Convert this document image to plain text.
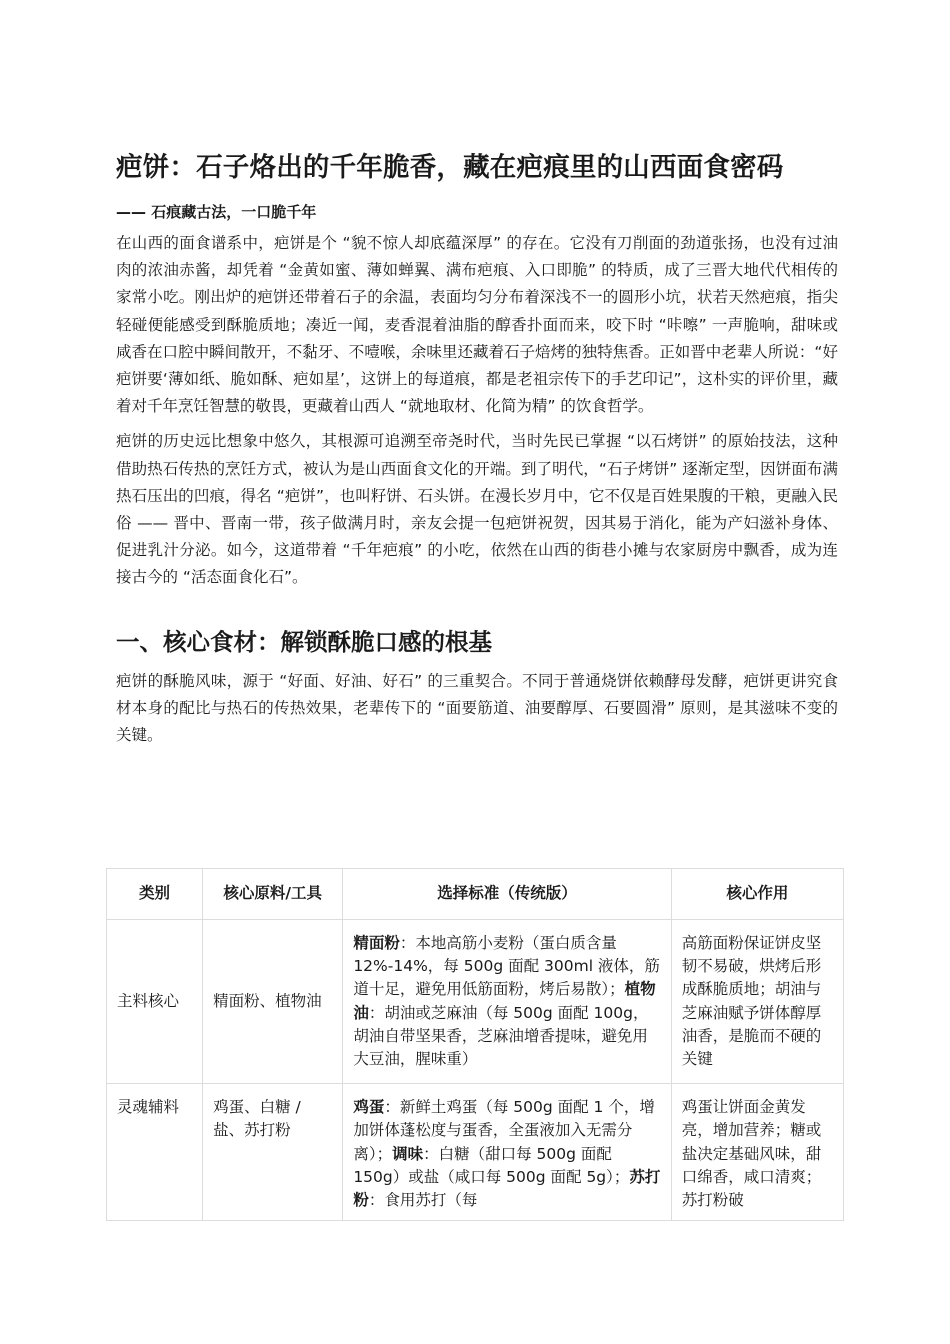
疤饼：石子烙出的千年脆香，藏在疤痕里的山西面食密码
—— 石痕藏古法，一口脆千年
在山西的面食谱系中，疤饼是个 “貌不惊人却底蕴深厚” 的存在。它没有刀削面的劲道张扬，也没有过油肉的浓油赤酱，却凭着 “金黄如蜜、薄如蝉翼、满布疤痕、入口即脆” 的特质，成了三晋大地代代相传的家常小吃。刚出炉的疤饼还带着石子的余温，表面均匀分布着深浅不一的圆形小坑，状若天然疤痕，指尖轻碰便能感受到酥脆质地；凑近一闻，麦香混着油脂的醇香扑面而来，咬下时 “咔嚓” 一声脆响，甜味或咸香在口腔中瞬间散开，不黏牙、不噎喉，余味里还藏着石子焙烤的独特焦香。正如晋中老辈人所说：“好疤饼要‘薄如纸、脆如酥、疤如星’，这饼上的每道痕，都是老祖宗传下的手艺印记”，这朴实的评价里，藏着对千年烹饪智慧的敬畏，更藏着山西人 “就地取材、化简为精” 的饮食哲学。
疤饼的历史远比想象中悠久，其根源可追溯至帝尧时代，当时先民已掌握 “以石烤饼” 的原始技法，这种借助热石传热的烹饪方式，被认为是山西面食文化的开端。到了明代，“石子烤饼” 逐渐定型，因饼面布满热石压出的凹痕，得名 “疤饼”，也叫籽饼、石头饼。在漫长岁月中，它不仅是百姓果腹的干粮，更融入民俗 —— 晋中、晋南一带，孩子做满月时，亲友会提一包疤饼祝贺，因其易于消化，能为产妇滋补身体、促进乳汁分泌。如今，这道带着 “千年疤痕” 的小吃，依然在山西的街巷小摊与农家厨房中飘香，成为连接古今的 “活态面食化石”。
一、核心食材：解锁酥脆口感的根基
疤饼的酥脆风味，源于 “好面、好油、好石” 的三重契合。不同于普通烧饼依赖酵母发酵，疤饼更讲究食材本身的配比与热石的传热效果，老辈传下的 “面要筋道、油要醇厚、石要圆滑” 原则，是其滋味不变的关键。
类别	核心原料/工具	选择标准（传统版）	核心作用
主料核心	精面粉、植物油	精面粉：本地高筋小麦粉（蛋白质含量 12%-14%，每 500g 面配 300ml 液体，筋道十足，避免用低筋面粉，烤后易散）；植物油：胡油或芝麻油（每 500g 面配 100g，胡油自带坚果香，芝麻油增香提味，避免用大豆油，腥味重）	高筋面粉保证饼皮坚韧不易破，烘烤后形成酥脆质地；胡油与芝麻油赋予饼体醇厚油香，是脆而不硬的关键
灵魂辅料	鸡蛋、白糖 / 盐、苏打粉	鸡蛋：新鲜土鸡蛋（每 500g 面配 1 个，增加饼体蓬松度与蛋香，全蛋液加入无需分离）；调味：白糖（甜口每 500g 面配 150g）或盐（咸口每 500g 面配 5g）；苏打粉：食用苏打（每	鸡蛋让饼面金黄发亮，增加营养；糖或盐决定基础风味，甜口绵香，咸口清爽；苏打粉破
